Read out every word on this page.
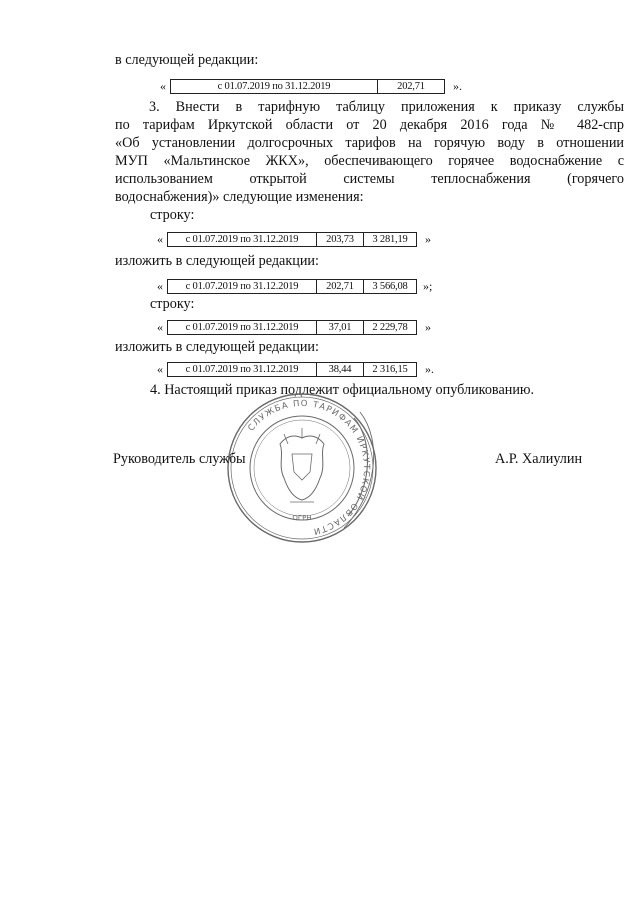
в следующей редакции:
«	с 01.07.2019 по 31.12.2019	202,71	».
3. Внести в тарифную таблицу приложения к приказу службы
по тарифам Иркутской области от 20 декабря 2016 года № 482-спр
«Об установлении долгосрочных тарифов на горячую воду в отношении
МУП «Мальтинское ЖКХ», обеспечивающего горячее водоснабжение с
использованием открытой системы теплоснабжения (горячего
водоснабжения)» следующие изменения:
строку:
«	с 01.07.2019 по 31.12.2019	203,73	3 281,19	»
изложить в следующей редакции:
«	с 01.07.2019 по 31.12.2019	202,71	3 566,08	»;
строку:
«	с 01.07.2019 по 31.12.2019	37,01	2 229,78	»
изложить в следующей редакции:
«	с 01.07.2019 по 31.12.2019	38,44	2 316,15	».
4. Настоящий приказ подлежит официальному опубликованию.
СЛУЖБА ПО ТАРИФАМ ИРКУТСКОЙ ОБЛАСТИ
ОГРН
Руководитель службы	А.Р. Халиулин
